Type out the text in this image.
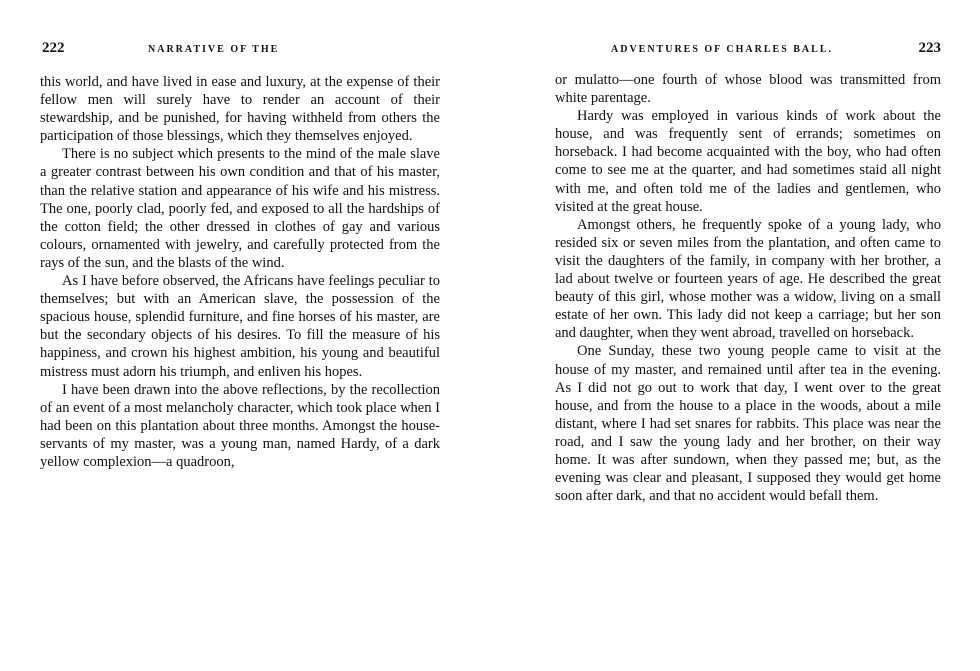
222	NARRATIVE OF THE

this world, and have lived in ease and luxury, at the expense of their fellow men will surely have to render an account of their stewardship, and be punished, for having withheld from others the participation of those blessings, which they themselves enjoyed.

There is no subject which presents to the mind of the male slave a greater contrast between his own condition and that of his master, than the relative station and appearance of his wife and his mistress. The one, poorly clad, poorly fed, and exposed to all the hardships of the cotton field; the other dressed in clothes of gay and various colours, ornamented with jewelry, and carefully protected from the rays of the sun, and the blasts of the wind.

As I have before observed, the Africans have feelings peculiar to themselves; but with an American slave, the possession of the spacious house, splendid furniture, and fine horses of his master, are but the secondary objects of his desires. To fill the measure of his happiness, and crown his highest ambition, his young and beautiful mistress must adorn his triumph, and enliven his hopes.

I have been drawn into the above reflections, by the recollection of an event of a most melancholy character, which took place when I had been on this plantation about three months. Amongst the house-servants of my master, was a young man, named Hardy, of a dark yellow complexion—a quadroon,

ADVENTURES OF CHARLES BALL.	223

or mulatto—one fourth of whose blood was transmitted from white parentage.

Hardy was employed in various kinds of work about the house, and was frequently sent of errands; sometimes on horseback. I had become acquainted with the boy, who had often come to see me at the quarter, and had sometimes staid all night with me, and often told me of the ladies and gentlemen, who visited at the great house.

Amongst others, he frequently spoke of a young lady, who resided six or seven miles from the plantation, and often came to visit the daughters of the family, in company with her brother, a lad about twelve or fourteen years of age. He described the great beauty of this girl, whose mother was a widow, living on a small estate of her own. This lady did not keep a carriage; but her son and daughter, when they went abroad, travelled on horseback.

One Sunday, these two young people came to visit at the house of my master, and remained until after tea in the evening. As I did not go out to work that day, I went over to the great house, and from the house to a place in the woods, about a mile distant, where I had set snares for rabbits. This place was near the road, and I saw the young lady and her brother, on their way home. It was after sundown, when they passed me; but, as the evening was clear and pleasant, I supposed they would get home soon after dark, and that no accident would befall them.
